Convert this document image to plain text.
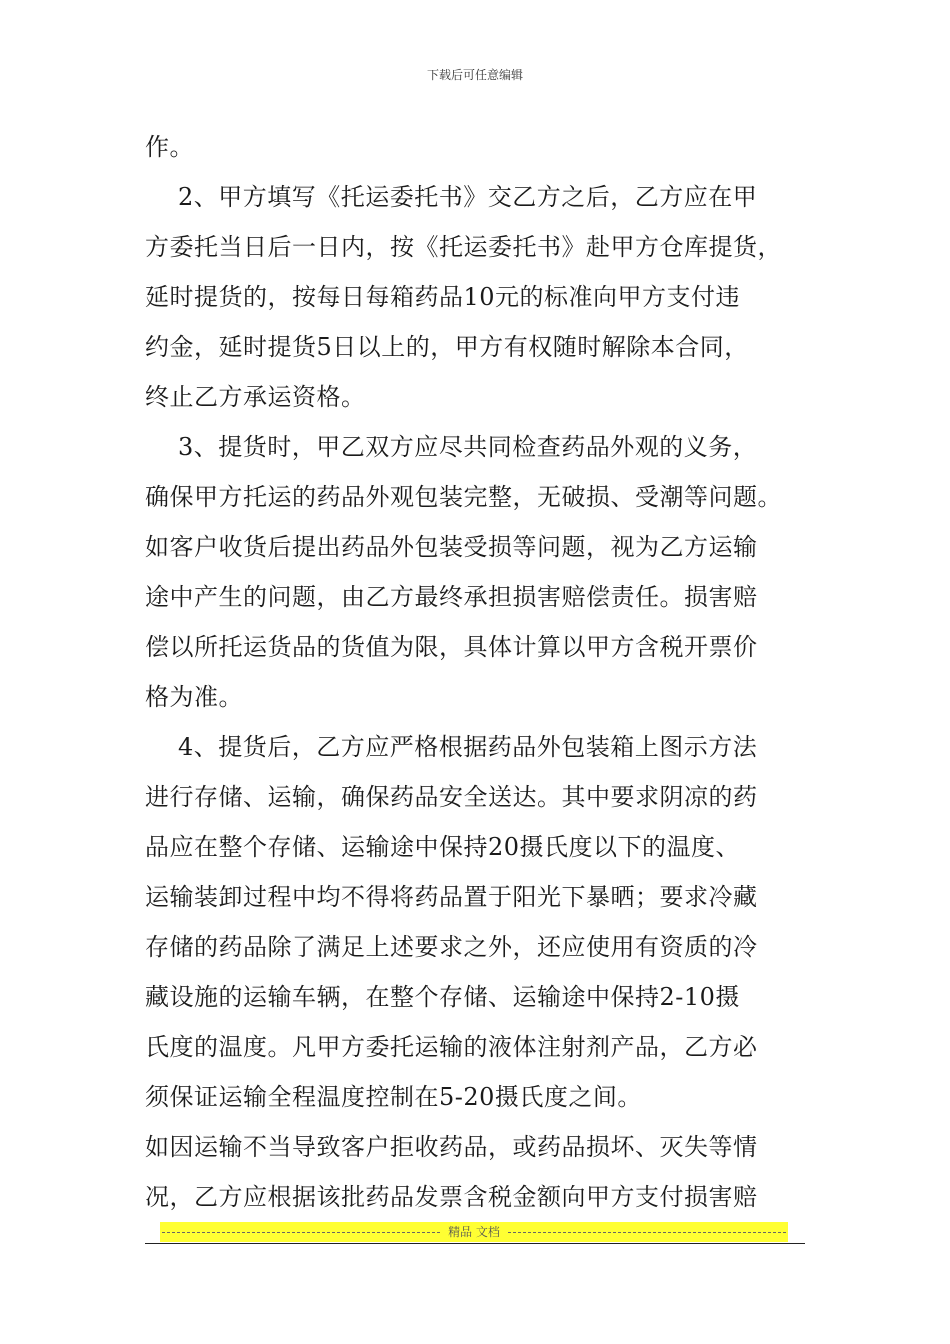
下载后可任意编辑
作。
2、甲方填写《托运委托书》交乙方之后，乙方应在甲
方委托当日后一日内，按《托运委托书》赴甲方仓库提货，
延时提货的，按每日每箱药品10元的标准向甲方支付违
约金，延时提货5日以上的，甲方有权随时解除本合同，
终止乙方承运资格。
3、提货时，甲乙双方应尽共同检查药品外观的义务，
确保甲方托运的药品外观包装完整，无破损、受潮等问题。
如客户收货后提出药品外包装受损等问题，视为乙方运输
途中产生的问题，由乙方最终承担损害赔偿责任。损害赔
偿以所托运货品的货值为限，具体计算以甲方含税开票价
格为准。
4、提货后，乙方应严格根据药品外包装箱上图示方法
进行存储、运输，确保药品安全送达。其中要求阴凉的药
品应在整个存储、运输途中保持20摄氏度以下的温度、
运输装卸过程中均不得将药品置于阳光下暴晒；要求冷藏
存储的药品除了满足上述要求之外，还应使用有资质的冷
藏设施的运输车辆，在整个存储、运输途中保持2-10摄
氏度的温度。凡甲方委托运输的液体注射剂产品，乙方必
须保证运输全程温度控制在5-20摄氏度之间。
如因运输不当导致客户拒收药品，或药品损坏、灭失等情
况，乙方应根据该批药品发票含税金额向甲方支付损害赔
精品 文档
